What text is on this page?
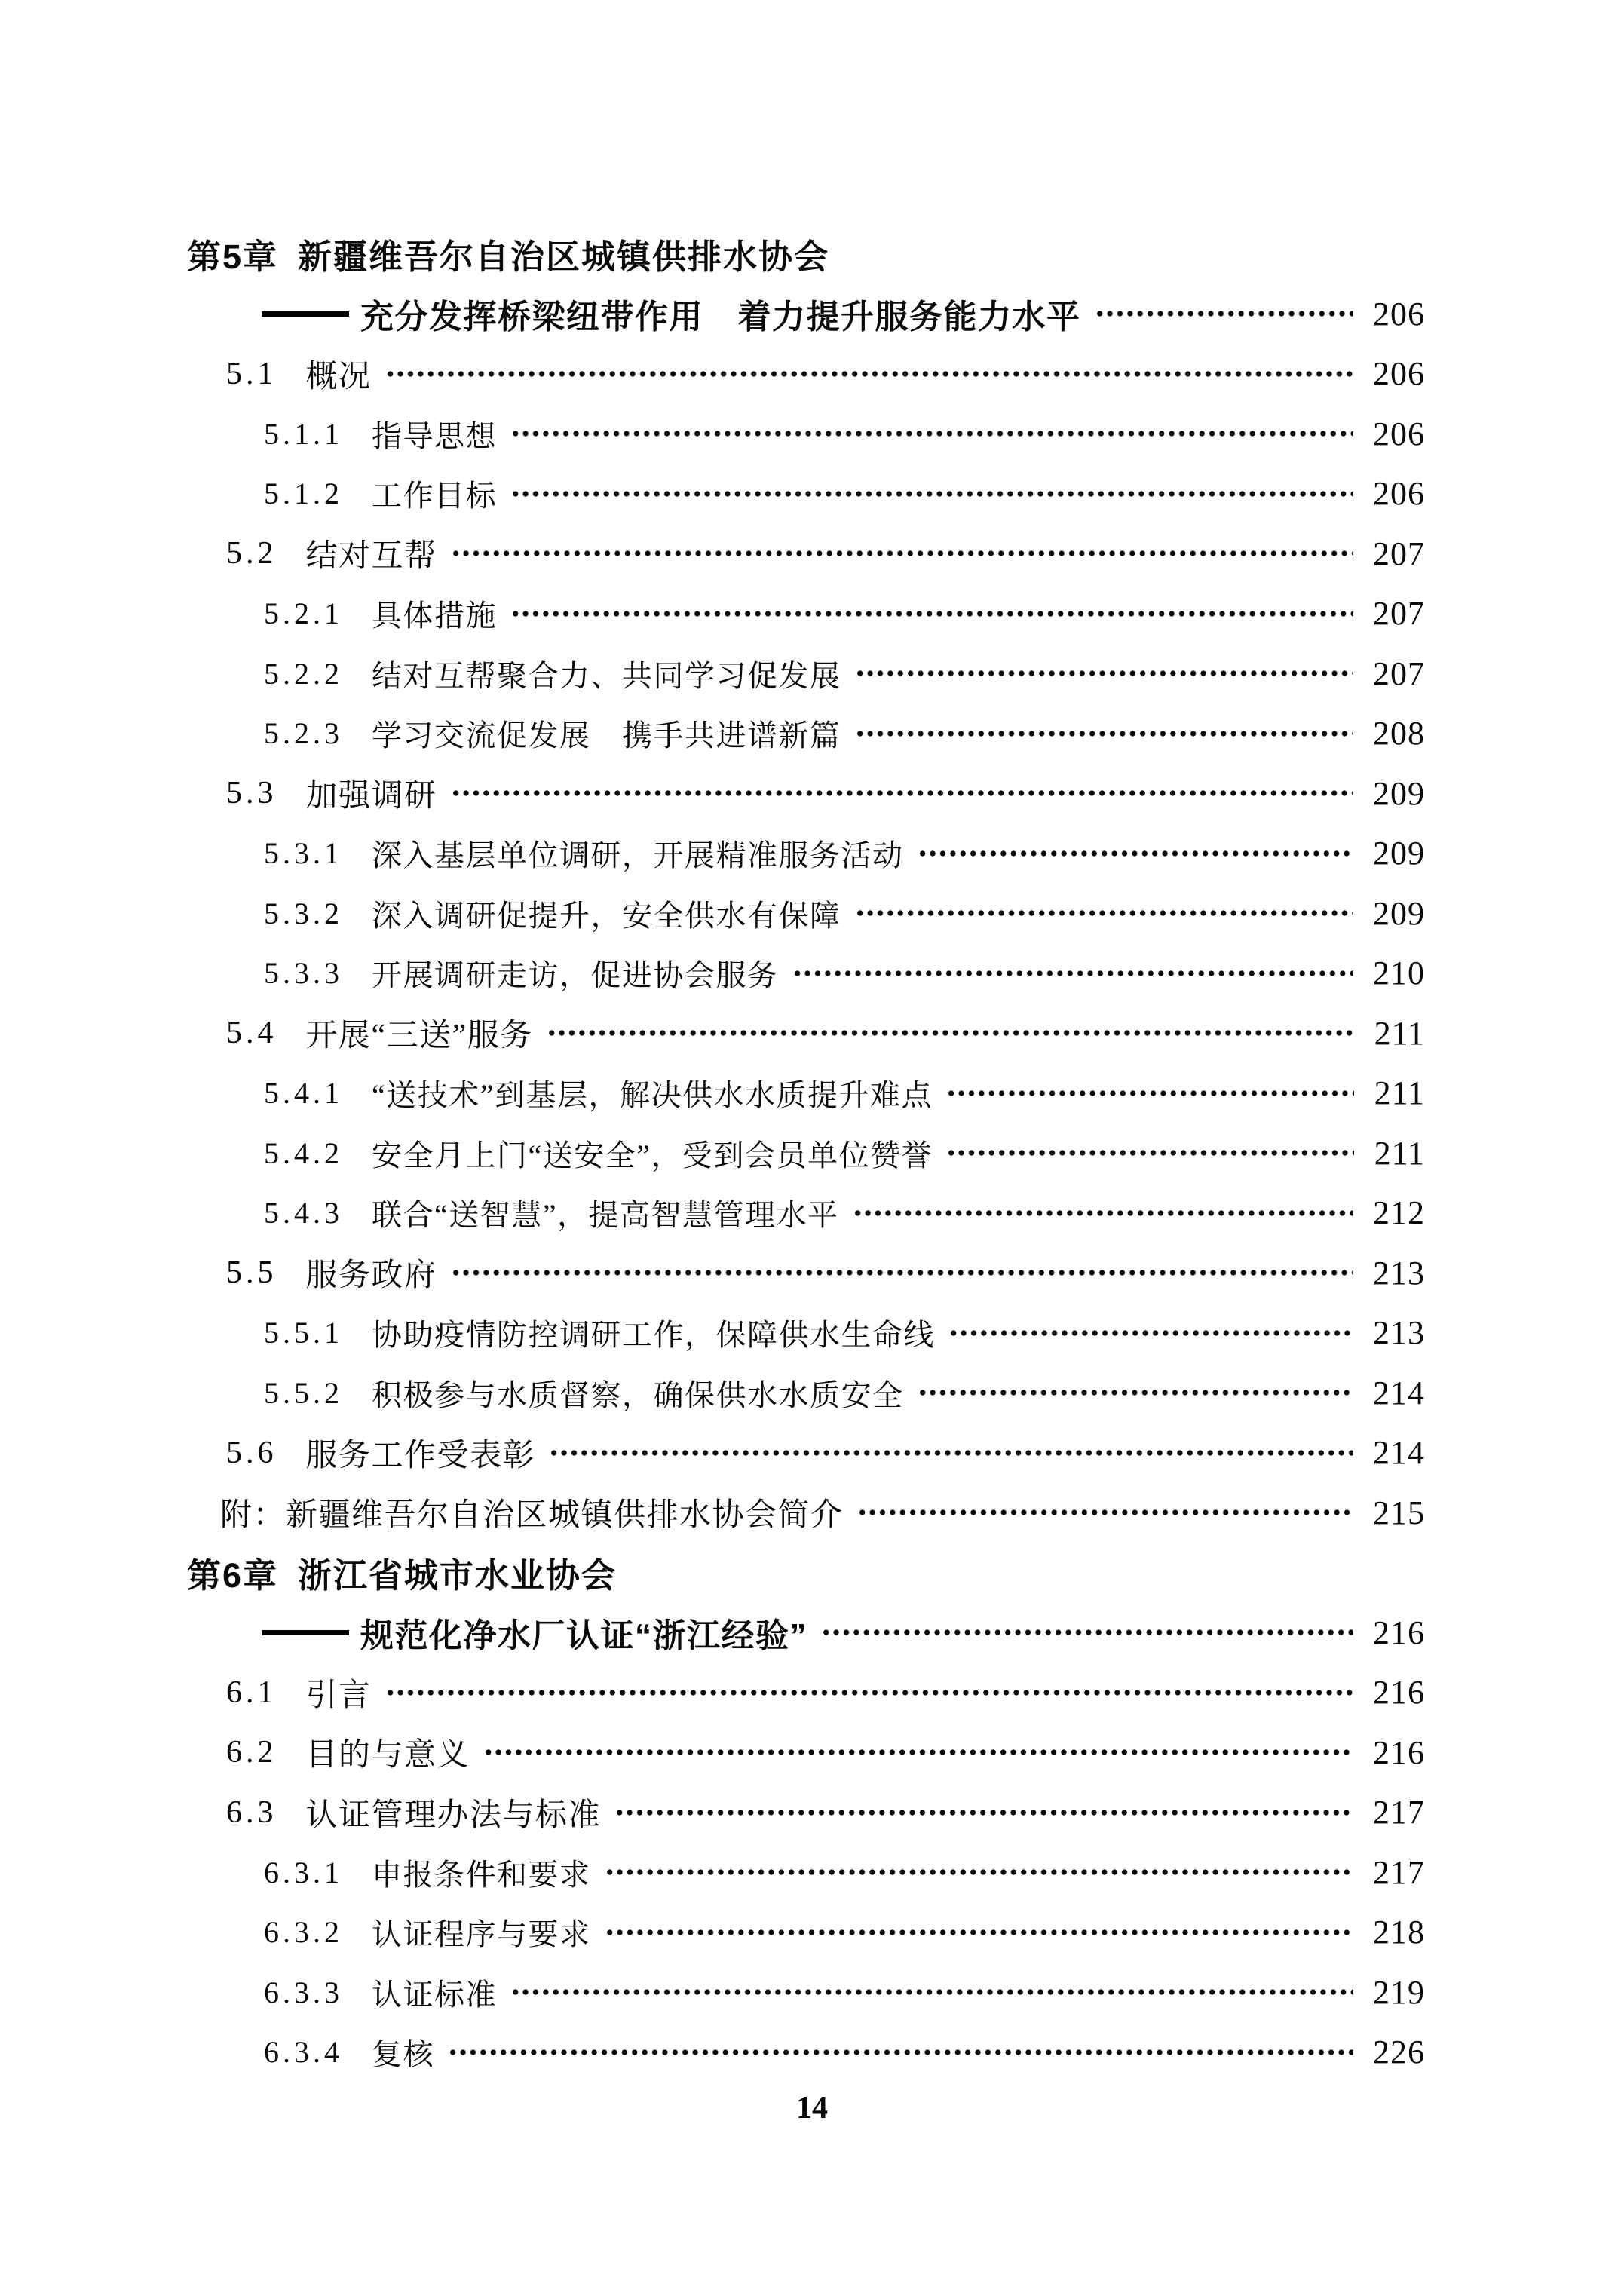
第5章 新疆维吾尔自治区城镇供排水协会
充分发挥桥梁纽带作用　着力提升服务能力水平	206
5.1 概况	206
5.1.1 指导思想	206
5.1.2 工作目标	206
5.2 结对互帮	207
5.2.1 具体措施	207
5.2.2 结对互帮聚合力、共同学习促发展	207
5.2.3 学习交流促发展　携手共进谱新篇	208
5.3 加强调研	209
5.3.1 深入基层单位调研，开展精准服务活动	209
5.3.2 深入调研促提升，安全供水有保障	209
5.3.3 开展调研走访，促进协会服务	210
5.4 开展“三送”服务	211
5.4.1 “送技术”到基层，解决供水水质提升难点	211
5.4.2 安全月上门“送安全”，受到会员单位赞誉	211
5.4.3 联合“送智慧”，提高智慧管理水平	212
5.5 服务政府	213
5.5.1 协助疫情防控调研工作，保障供水生命线	213
5.5.2 积极参与水质督察，确保供水水质安全	214
5.6 服务工作受表彰	214
附：新疆维吾尔自治区城镇供排水协会简介	215
第6章 浙江省城市水业协会
规范化净水厂认证“浙江经验”	216
6.1 引言	216
6.2 目的与意义	216
6.3 认证管理办法与标准	217
6.3.1 申报条件和要求	217
6.3.2 认证程序与要求	218
6.3.3 认证标准	219
6.3.4 复核	226
14
